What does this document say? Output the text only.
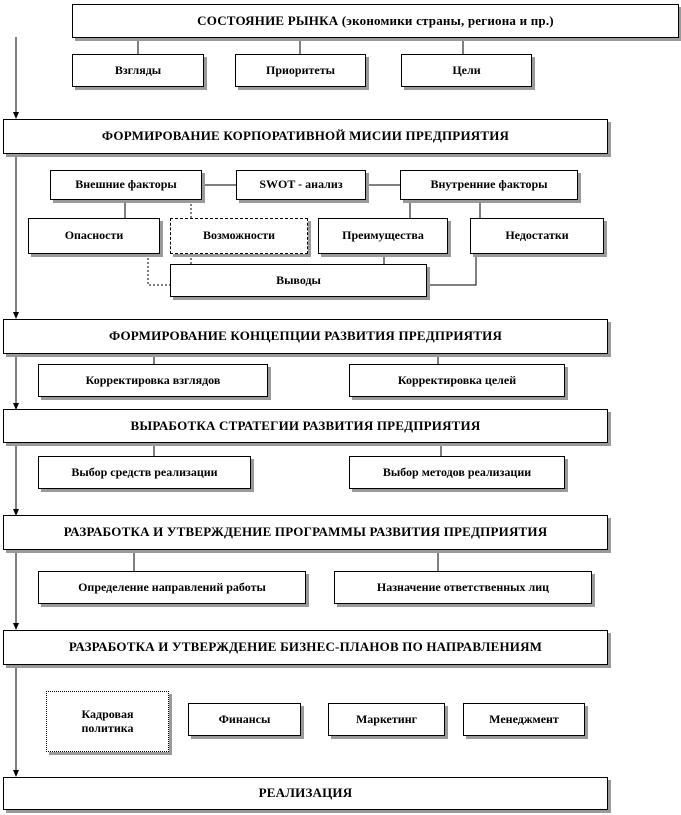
СОСТОЯНИЕ РЫНКА (экономики страны, региона и пр.)
Взгляды	Приоритеты	Цели
ФОРМИРОВАНИЕ КОРПОРАТИВНОЙ МИСИИ ПРЕДПРИЯТИЯ
Внешние факторы	SWOT - анализ	Внутренние факторы
Опасности	Возможности	Преимущества	Недостатки
Выводы
ФОРМИРОВАНИЕ КОНЦЕПЦИИ РАЗВИТИЯ ПРЕДПРИЯТИЯ
Корректировка взглядов	Корректировка целей
ВЫРАБОТКА СТРАТЕГИИ РАЗВИТИЯ ПРЕДПРИЯТИЯ
Выбор средств реализации	Выбор методов реализации
РАЗРАБОТКА И УТВЕРЖДЕНИЕ ПРОГРАММЫ РАЗВИТИЯ ПРЕДПРИЯТИЯ
Определение направлений работы	Назначение ответственных лиц
РАЗРАБОТКА И УТВЕРЖДЕНИЕ БИЗНЕС-ПЛАНОВ ПО НАПРАВЛЕНИЯМ
Кадровая политика
Финансы	Маркетинг	Менеджмент
РЕАЛИЗАЦИЯ
